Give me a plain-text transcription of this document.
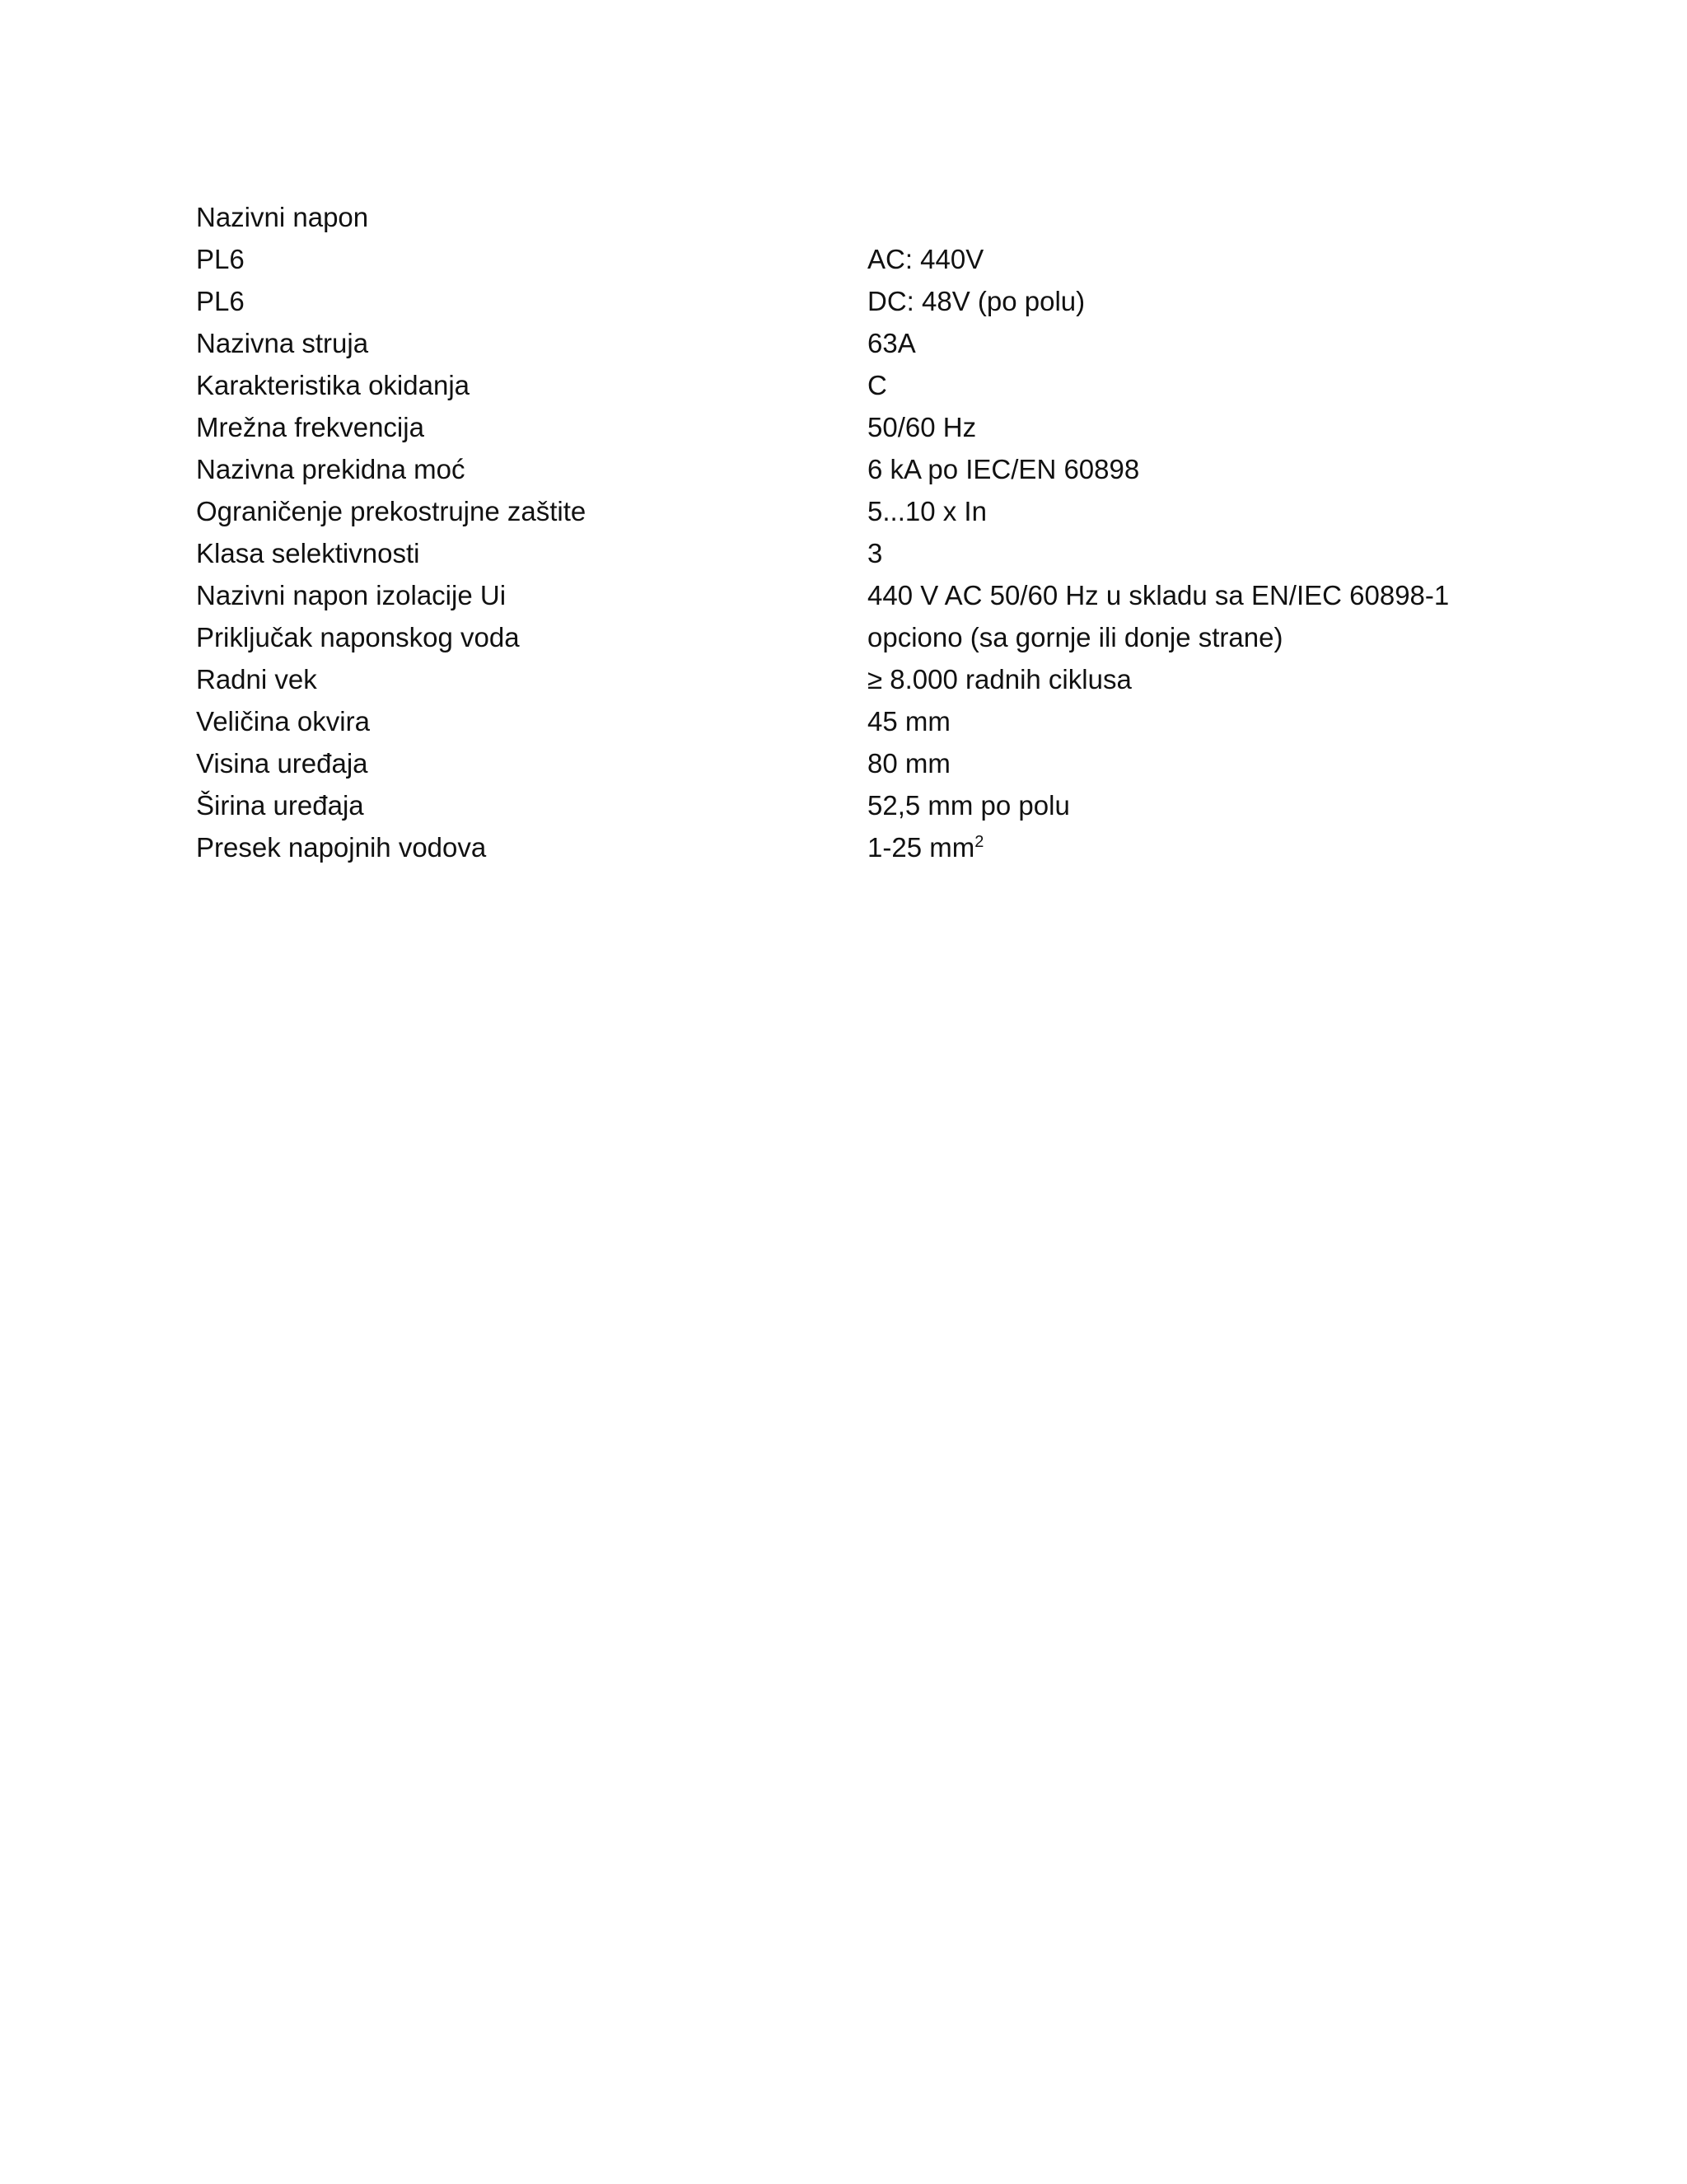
Nazivni napon
PL6	AC: 440V
PL6	DC: 48V (po polu)
Nazivna struja	63A
Karakteristika okidanja	C
Mrežna frekvencija	50/60 Hz
Nazivna prekidna moć	6 kA po IEC/EN 60898
Ograničenje prekostrujne zaštite	5...10 x In
Klasa selektivnosti	3
Nazivni napon izolacije Ui	440 V AC 50/60 Hz u skladu sa EN/IEC 60898-1
Priključak naponskog voda	opciono (sa gornje ili donje strane)
Radni vek	≥ 8.000 radnih ciklusa
Veličina okvira	45 mm
Visina uređaja	80 mm
Širina uređaja	52,5 mm po polu
Presek napojnih vodova	1-25 $mm^2$
